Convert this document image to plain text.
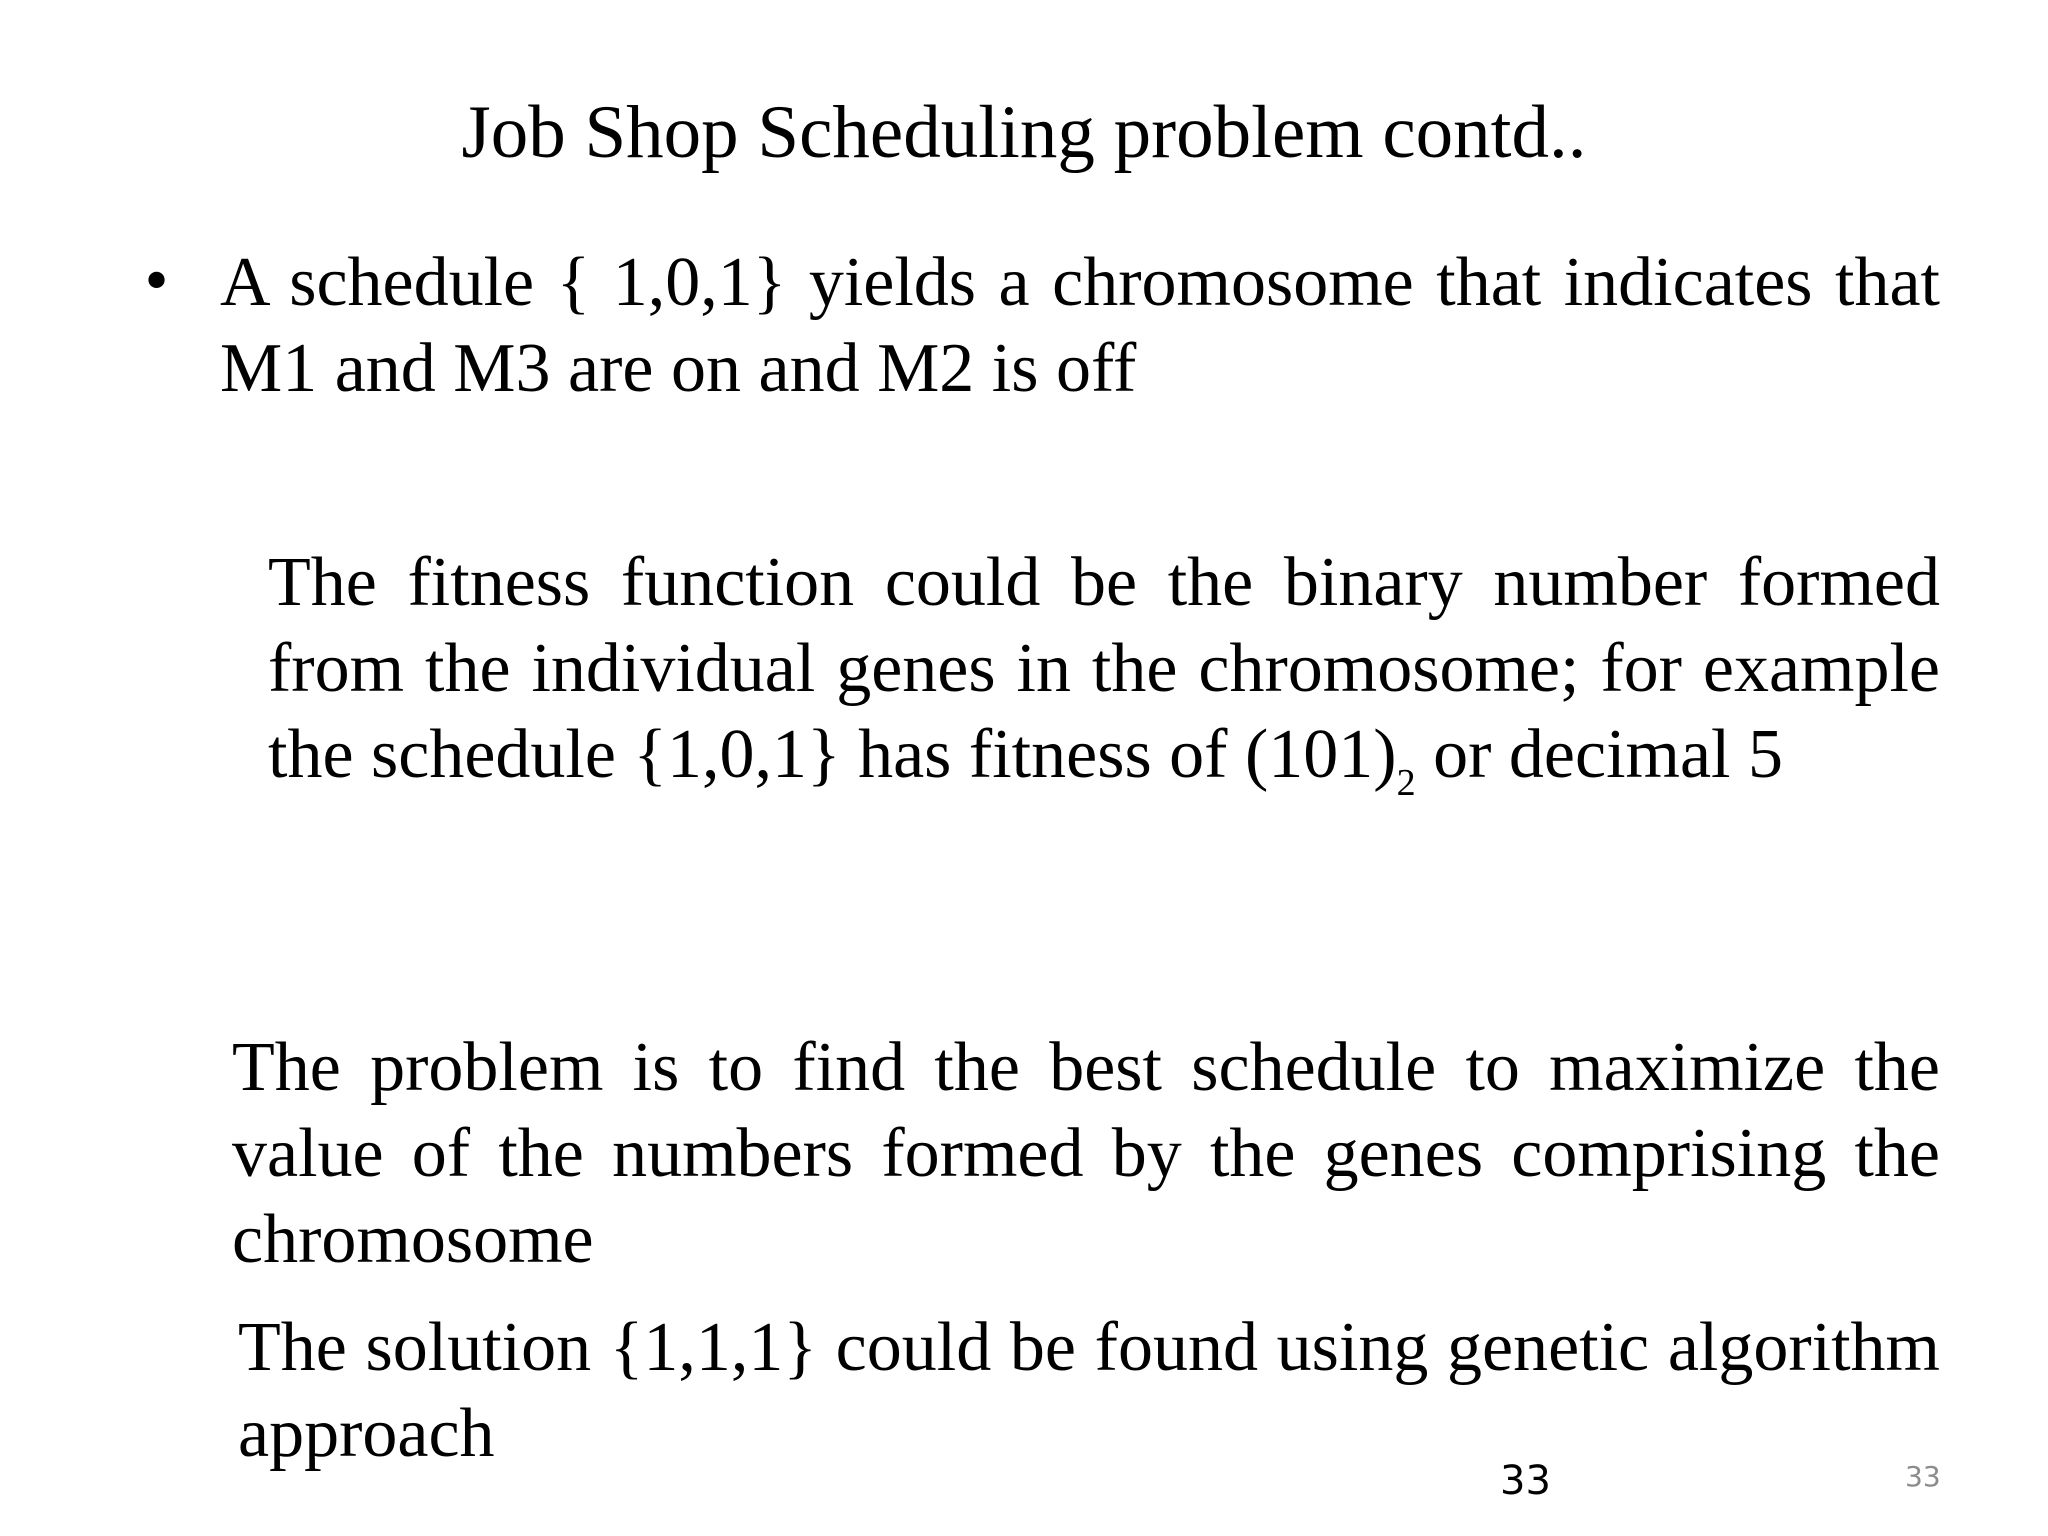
Job Shop Scheduling problem contd..
• A schedule { 1,0,1} yields a chromosome that indicates that M1 and M3 are on and M2 is off
The fitness function could be the binary number formed from the individual genes in the chromosome; for example the schedule {1,0,1} has fitness of $(101)_2$ or decimal 5
The problem is to find the best schedule to maximize the value of the numbers formed by the genes comprising the chromosome
The solution {1,1,1} could be found using genetic algorithm approach
33	33
